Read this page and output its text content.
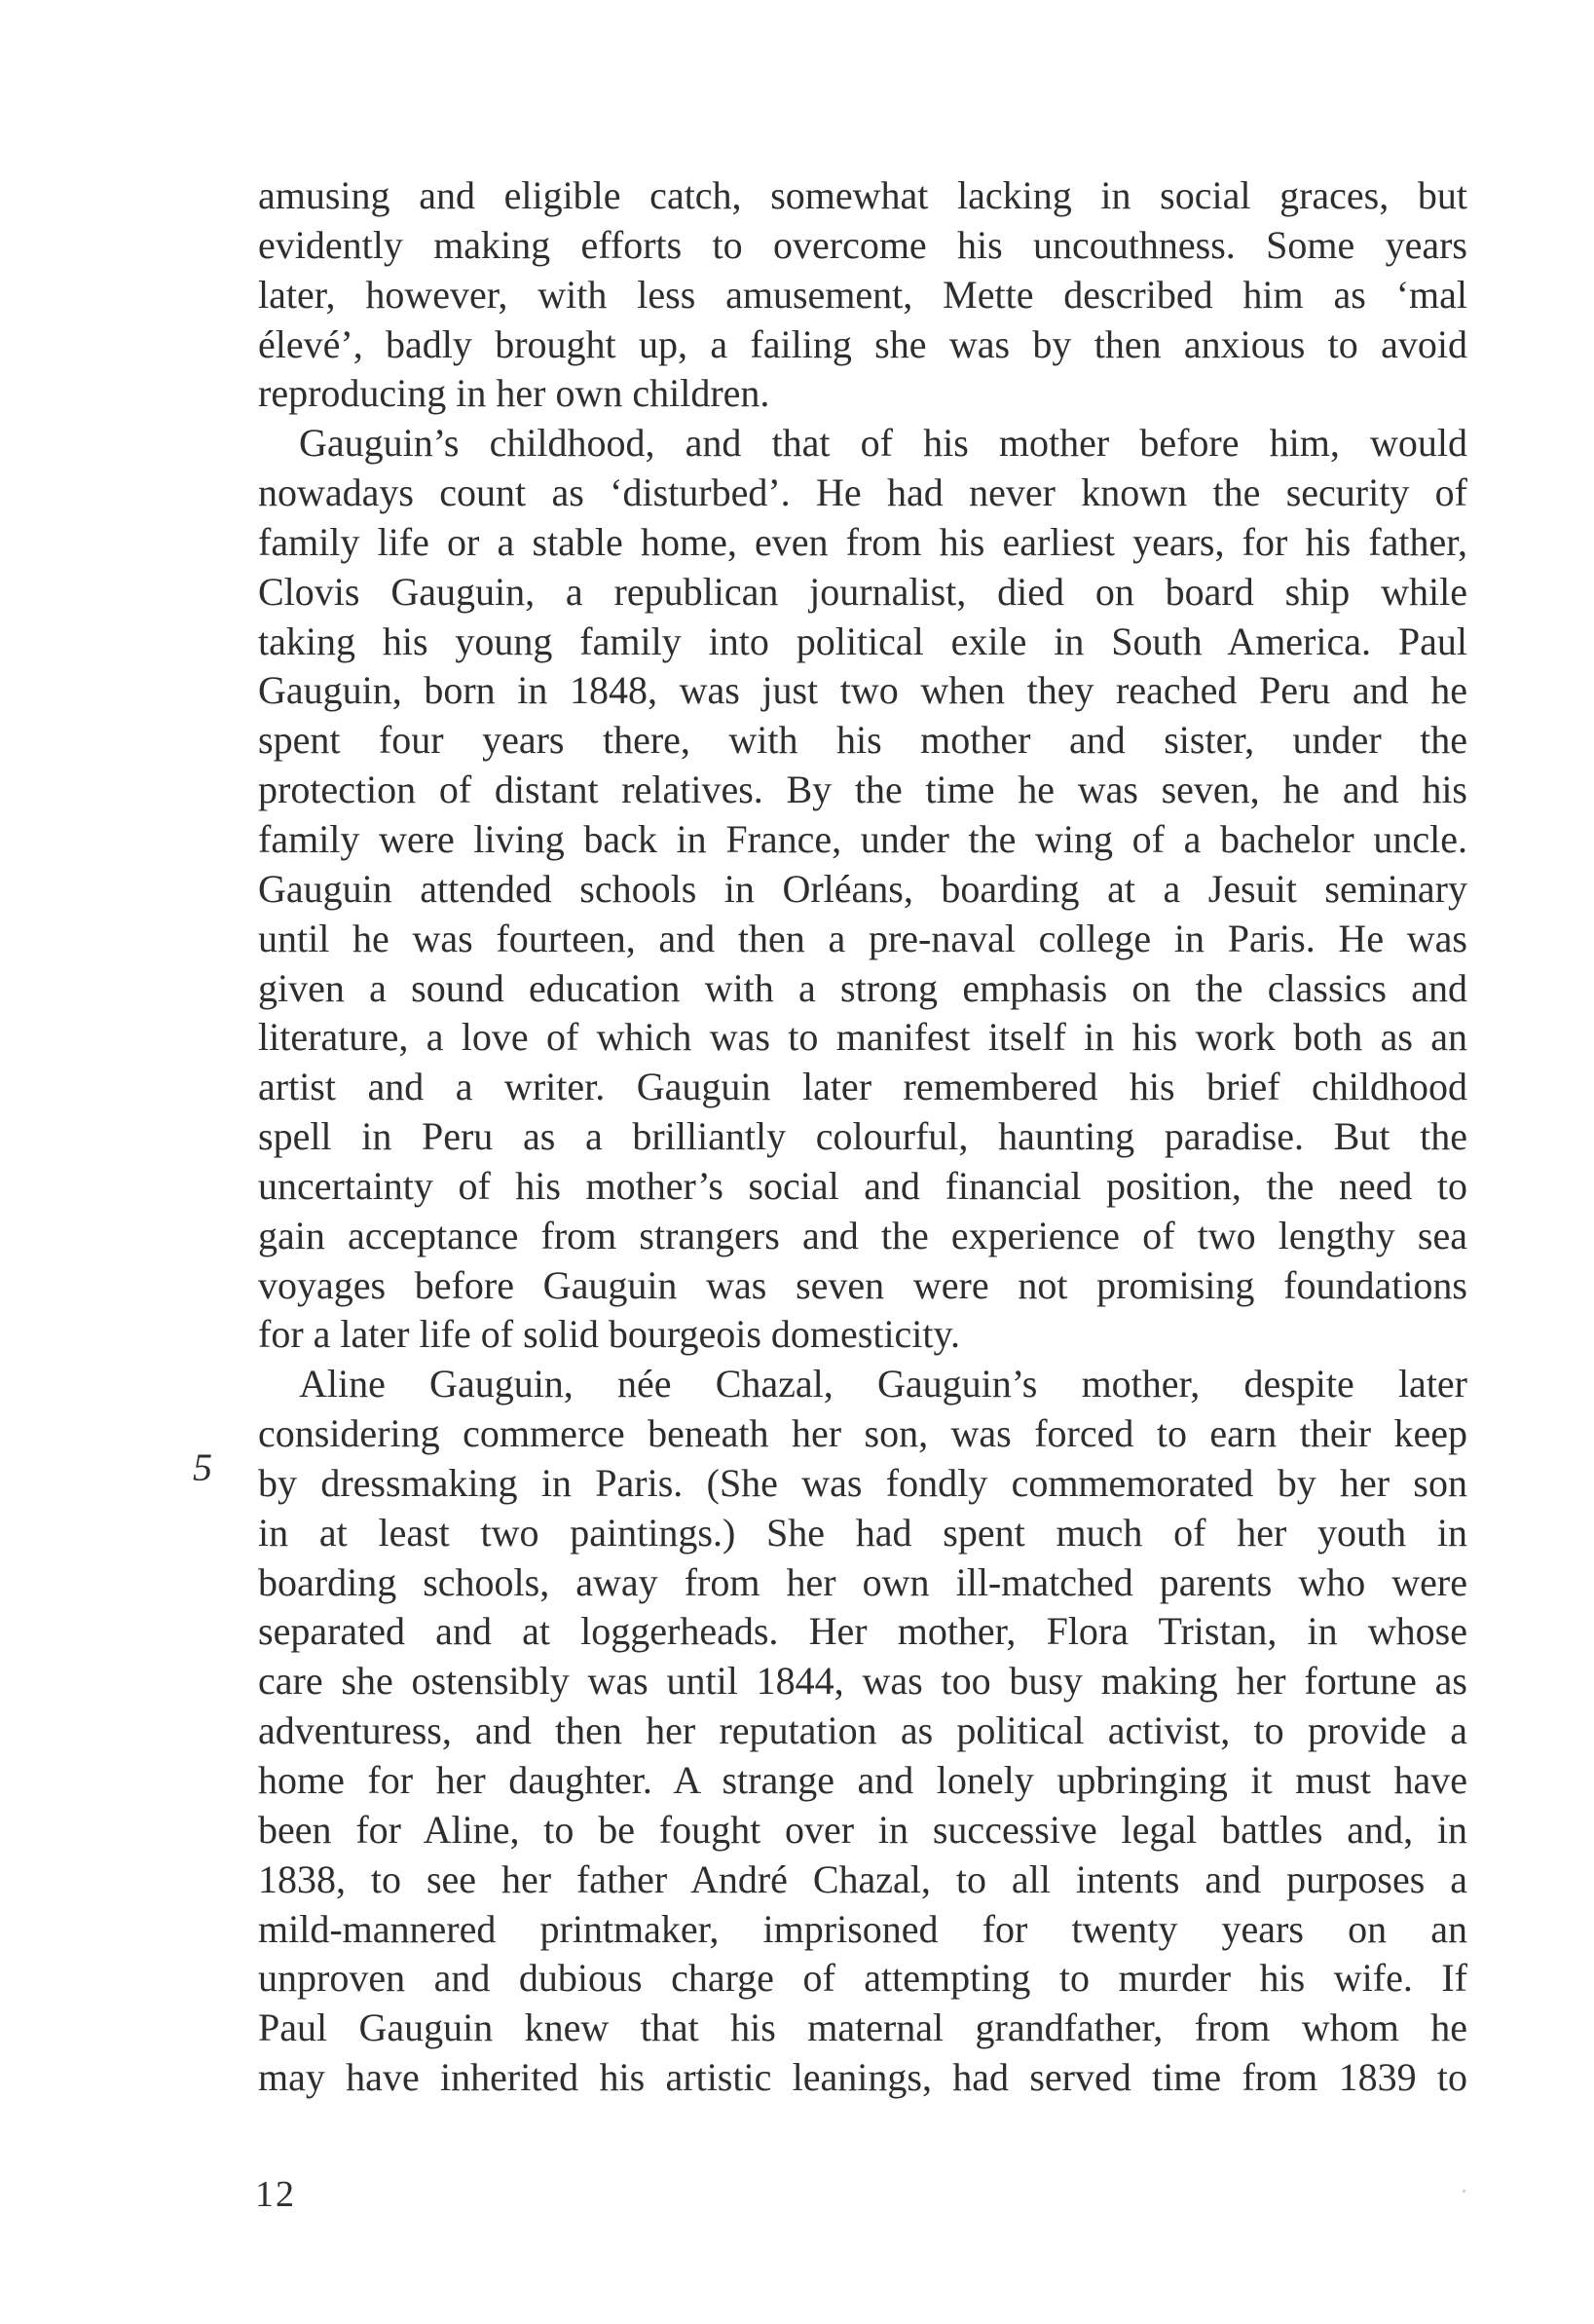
amusing and eligible catch, somewhat lacking in social graces, but
evidently making efforts to overcome his uncouthness. Some years
later, however, with less amusement, Mette described him as ‘mal
élevé’, badly brought up, a failing she was by then anxious to avoid
reproducing in her own children.
Gauguin’s childhood, and that of his mother before him, would
nowadays count as ‘disturbed’. He had never known the security of
family life or a stable home, even from his earliest years, for his father,
Clovis Gauguin, a republican journalist, died on board ship while
taking his young family into political exile in South America. Paul
Gauguin, born in 1848, was just two when they reached Peru and he
spent four years there, with his mother and sister, under the
protection of distant relatives. By the time he was seven, he and his
family were living back in France, under the wing of a bachelor uncle.
Gauguin attended schools in Orléans, boarding at a Jesuit seminary
until he was fourteen, and then a pre-naval college in Paris. He was
given a sound education with a strong emphasis on the classics and
literature, a love of which was to manifest itself in his work both as an
artist and a writer. Gauguin later remembered his brief childhood
spell in Peru as a brilliantly colourful, haunting paradise. But the
uncertainty of his mother’s social and financial position, the need to
gain acceptance from strangers and the experience of two lengthy sea
voyages before Gauguin was seven were not promising foundations
for a later life of solid bourgeois domesticity.
Aline Gauguin, née Chazal, Gauguin’s mother, despite later
considering commerce beneath her son, was forced to earn their keep
by dressmaking in Paris. (She was fondly commemorated by her son
in at least two paintings.) She had spent much of her youth in
boarding schools, away from her own ill-matched parents who were
separated and at loggerheads. Her mother, Flora Tristan, in whose
care she ostensibly was until 1844, was too busy making her fortune as
adventuress, and then her reputation as political activist, to provide a
home for her daughter. A strange and lonely upbringing it must have
been for Aline, to be fought over in successive legal battles and, in
1838, to see her father André Chazal, to all intents and purposes a
mild-mannered printmaker, imprisoned for twenty years on an
unproven and dubious charge of attempting to murder his wife. If
Paul Gauguin knew that his maternal grandfather, from whom he
may have inherited his artistic leanings, had served time from 1839 to
5
12
